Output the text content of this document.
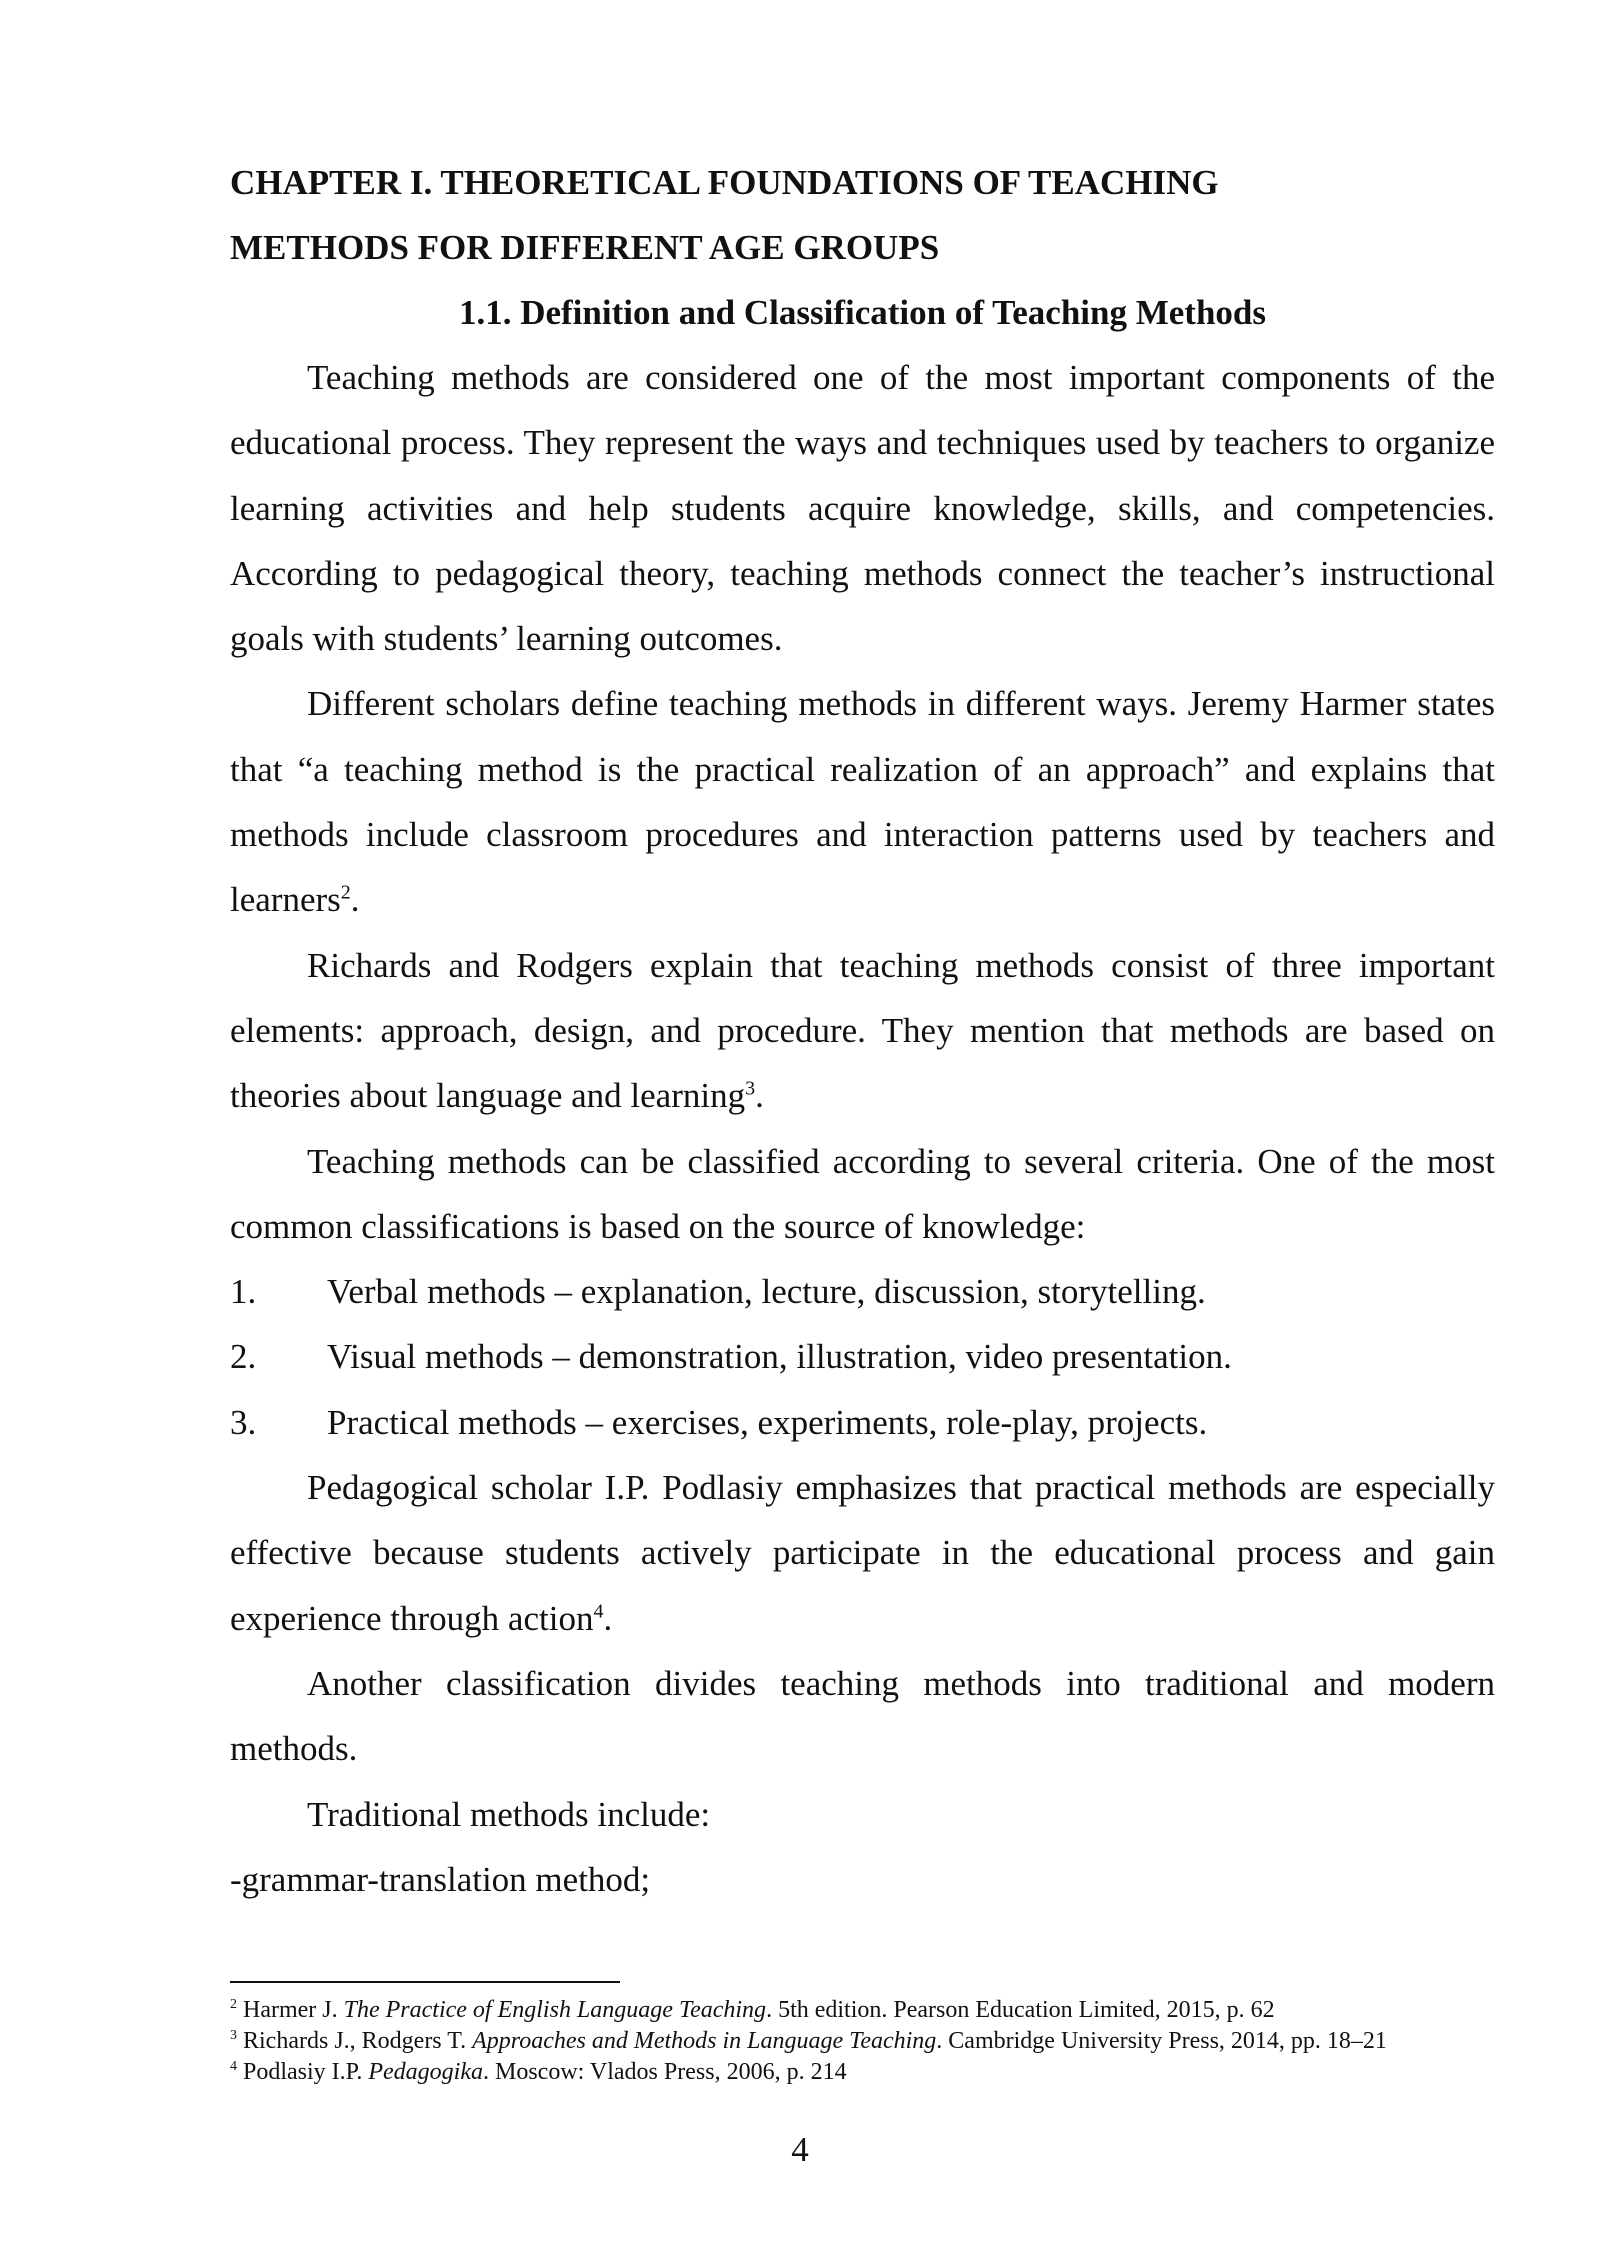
CHAPTER I. THEORETICAL FOUNDATIONS OF TEACHING

METHODS FOR DIFFERENT AGE GROUPS

1.1. Definition and Classification of Teaching Methods

Teaching methods are considered one of the most important components of the educational process. They represent the ways and techniques used by teachers to organize learning activities and help students acquire knowledge, skills, and competencies. According to pedagogical theory, teaching methods connect the teacher’s instructional goals with students’ learning outcomes.

Different scholars define teaching methods in different ways. Jeremy Harmer states that “a teaching method is the practical realization of an approach” and explains that methods include classroom procedures and interaction patterns used by teachers and learners$^2$.

Richards and Rodgers explain that teaching methods consist of three important elements: approach, design, and procedure. They mention that methods are based on theories about language and learning$^3$.

Teaching methods can be classified according to several criteria. One of the most common classifications is based on the source of knowledge:

1.	Verbal methods – explanation, lecture, discussion, storytelling.
2.	Visual methods – demonstration, illustration, video presentation.
3.	Practical methods – exercises, experiments, role-play, projects.

Pedagogical scholar I.P. Podlasiy emphasizes that practical methods are especially effective because students actively participate in the educational process and gain experience through action$^4$.

Another classification divides teaching methods into traditional and modern methods.

Traditional methods include:

-grammar-translation method;

$^2$ Harmer J. The Practice of English Language Teaching. 5th edition. Pearson Education Limited, 2015, p. 62

$^3$ Richards J., Rodgers T. Approaches and Methods in Language Teaching. Cambridge University Press, 2014, pp. 18–21

$^4$ Podlasiy I.P. Pedagogika. Moscow: Vlados Press, 2006, p. 214

4
